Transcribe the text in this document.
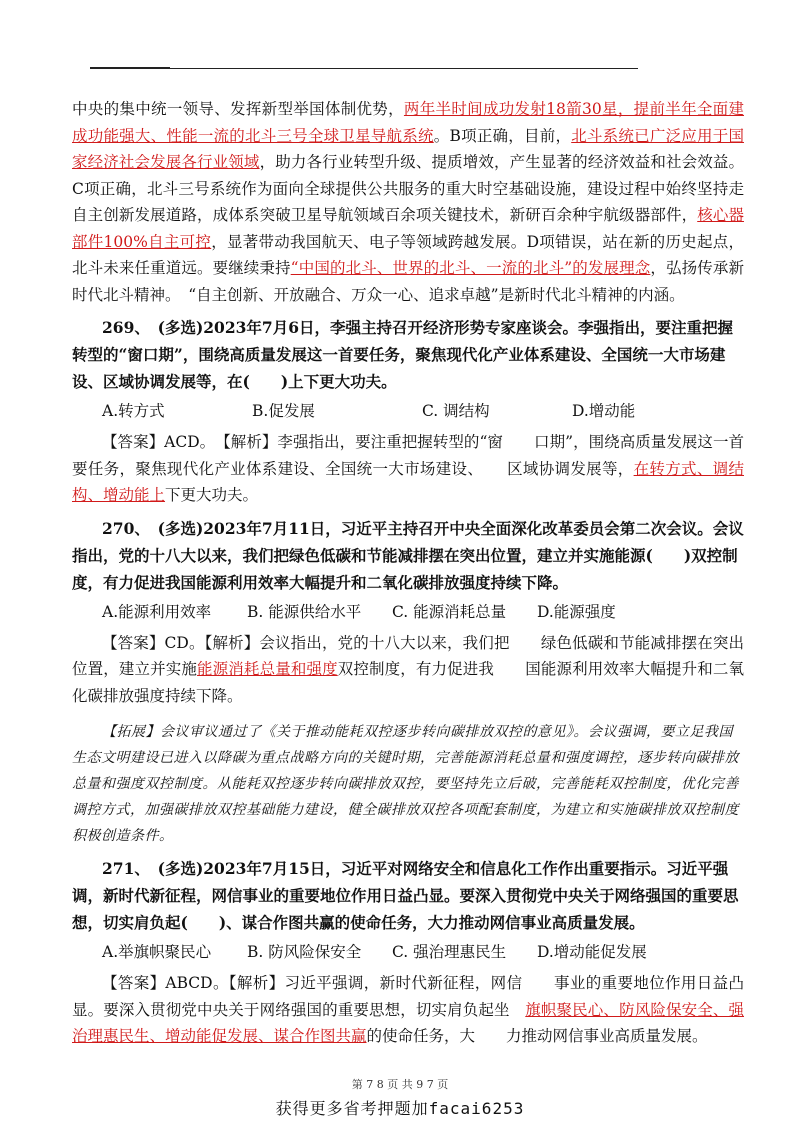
中央的集中统一领导、发挥新型举国体制优势，两年半时间成功发射18箭30星，提前半年全面建成功能强大、性能一流的北斗三号全球卫星导航系统。B项正确，目前，北斗系统已广泛应用于国家经济社会发展各行业领域，助力各行业转型升级、提质增效，产生显著的经济效益和社会效益。C项正确，北斗三号系统作为面向全球提供公共服务的重大时空基础设施，建设过程中始终坚持走自主创新发展道路，成体系突破卫星导航领域百余项关键技术，新研百余种宇航级器部件，核心器部件100%自主可控，显著带动我国航天、电子等领域跨越发展。D项错误，站在新的历史起点，北斗未来任重道远。要继续秉持“中国的北斗、世界的北斗、一流的北斗”的发展理念，弘扬传承新时代北斗精神。　“自主创新、开放融合、万众一心、追求卓越”是新时代北斗精神的内涵。

269、　(多选)2023年7月6日，李强主持召开经济形势专家座谈会。李强指出，要注重把握转型的“窗口期”，围绕高质量发展这一首要任务，聚焦现代化产业体系建设、全国统一大市场建设、区域协调发展等，在(　　)上下更大功夫。

A.转方式	B.促发展	C. 调结构	D.增动能

【答案】ACD。　【解析】李强指出，要注重把握转型的“窗　　口期”，围绕高质量发展这一首要任务，聚焦现代化产业体系建设、全国统一大市场建设、　　区域协调发展等，在转方式、调结构、增动能上下更大功夫。

270、　(多选)2023年7月11日，习近平主持召开中央全面深化改革委员会第二次会议。会议指出，党的十八大以来，我们把绿色低碳和节能减排摆在突出位置，建立并实施能源(　　)双控制度，有力促进我国能源利用效率大幅提升和二氧化碳排放强度持续下降。

A.能源利用效率	B. 能源供给水平	C. 能源消耗总量	D.能源强度

【答案】CD。【解析】会议指出，党的十八大以来，我们把　　绿色低碳和节能减排摆在突出位置，建立并实施能源消耗总量和强度双控制度，有力促进我　　国能源利用效率大幅提升和二氧化碳排放强度持续下降。

【拓展】会议审议通过了《关于推动能耗双控逐步转向碳排放双控的意见》。会议强调，要立足我国生态文明建设已进入以降碳为重点战略方向的关键时期，完善能源消耗总量和强度调控，逐步转向碳排放总量和强度双控制度。从能耗双控逐步转向碳排放双控，要坚持先立后破，完善能耗双控制度，优化完善调控方式，加强碳排放双控基础能力建设，健全碳排放双控各项配套制度，为建立和实施碳排放双控制度积极创造条件。

271、　(多选)2023年7月15日，习近平对网络安全和信息化工作作出重要指示。习近平强调，新时代新征程，网信事业的重要地位作用日益凸显。要深入贯彻党中央关于网络强国的重要思想，切实肩负起(　　)、谋合作图共赢的使命任务，大力推动网信事业高质量发展。

A.举旗帜聚民心	B. 防风险保安全	C. 强治理惠民生	D.增动能促发展

【答案】ABCD。【解析】习近平强调，新时代新征程，网信　　事业的重要地位作用日益凸显。要深入贯彻党中央关于网络强国的重要思想，切实肩负起坐　旗帜聚民心、防风险保安全、强治理惠民生、增动能促发展、谋合作图共赢的使命任务，大　　力推动网信事业高质量发展。

第 7 8 页 共 9 7 页
获得更多省考押题加facai6253
